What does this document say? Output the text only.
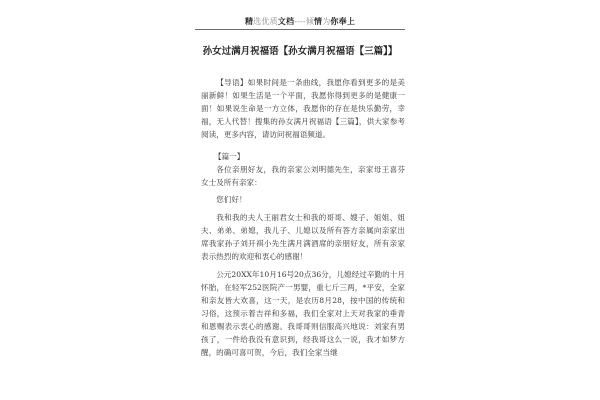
精选优质文档----倾情为你奉上
孙女过满月祝福语【孙女满月祝福语【三篇】】

【导语】如果时间是一条曲线，我愿你看到更多的是美丽新鲜！如果生活是一个平面，我愿你得到更多的是健康一面！如果说生命是一方立体，我愿你的存在是快乐勤劳，幸福，无人代替！搜集的孙女满月祝福语【三篇】，供大家参考阅读，更多内容，请访问祝福语频道。

【篇一】

各位亲朋好友，我的亲家公刘明德先生，亲家母王喜芬女士及所有亲家：

您们好！

我和我的夫人王丽君女士和我的哥哥、嫂子、姐姐、姐夫、弟弟、弟媳，我儿子、儿媳以及所有答方亲属向亲家出席我家孙子刘开祺小先生满月满酒席的亲朋好友，所有亲家表示热烈的欢迎和衷心的感谢！

公元20XX年10月16号20点36分，儿媳经过辛勤的十月怀胎，在轻军252医院产一男婴，重七斤三两，*平安，全家和亲友皆大欢喜，这一天，是农历8月28，按中国的传统和习俗，这预示着吉祥和多福，我们全家对上天对我家的垂青和恩赐表示衷心的感谢。我哥哥则信服高兴地说：刘家有男孩了，一件给我没有意识到，经我哥这么一说，我才如梦方醒，的确可喜可贺，今后，我们全家当继
